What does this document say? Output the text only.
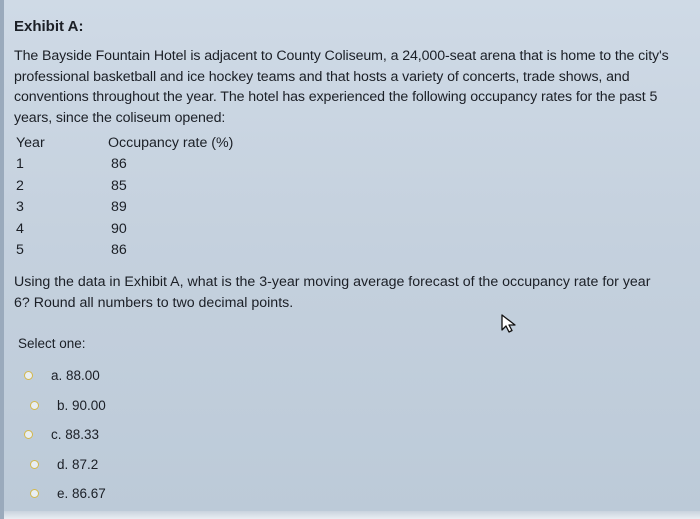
Exhibit A:

The Bayside Fountain Hotel is adjacent to County Coliseum, a 24,000-seat arena that is home to the city's
professional basketball and ice hockey teams and that hosts a variety of concerts, trade shows, and
conventions throughout the year. The hotel has experienced the following occupancy rates for the past 5
years, since the coliseum opened:

Year	Occupancy rate (%)
1	86
2	85
3	89
4	90
5	86

Using the data in Exhibit A, what is the 3-year moving average forecast of the occupancy rate for year
6? Round all numbers to two decimal points.

Select one:
a. 88.00
b. 90.00
c. 88.33
d. 87.2
e. 86.67
